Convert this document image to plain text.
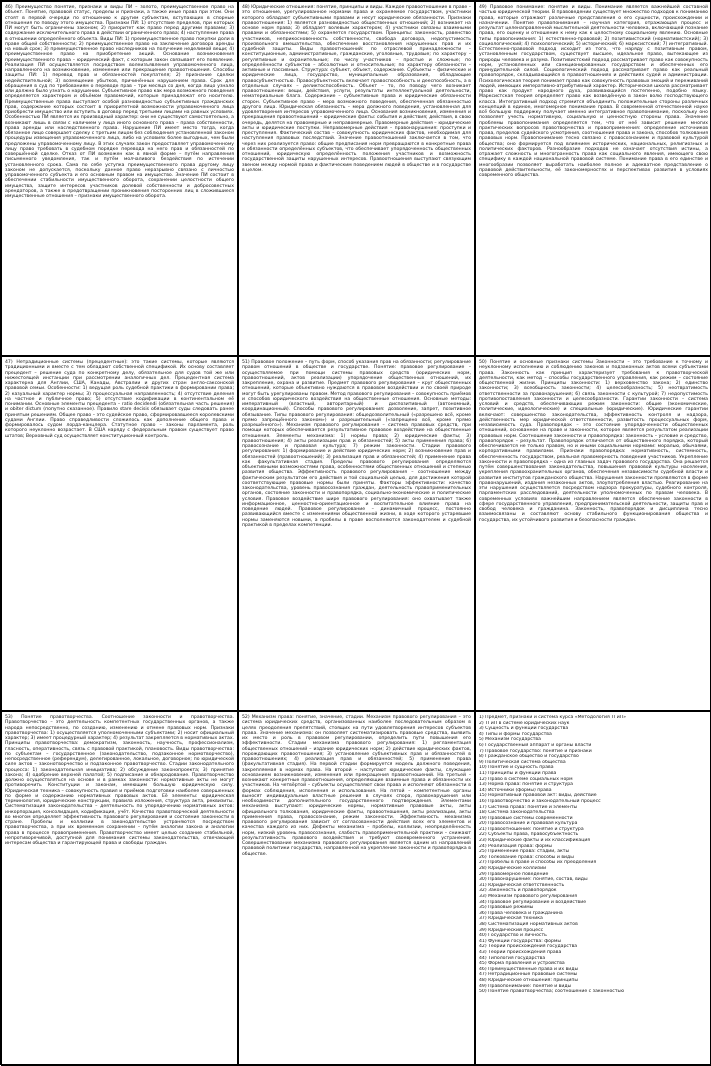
46) Преимущество понятие, признаки и виды ПИ – золото, преимущественное право на объект. Понятие, правовой статус, пределы и признаки, а также иные права при этом. Они стоят в первой очереди по отношению к другим субъектам, вступающих в спорные отношения по поводу этого имущества. Признаки ПИ: 1) отсутствие пределов, при которых ПИ могут быть ограничены законом; 2) приоритет как право перед другими правами; 3) содержание исключительного права в действии ограниченного права; 4) наступление права в отношении определённого объекта. Виды ПИ: 1) преимущественное право покупки доли в праве общей собственности; 2) преимущественное право на заключение договора аренды на новый срок; 3) преимущественное право наследников на получение неделимой вещи; 4) преимущественное право на приобретение акций. Основание возникновения преимущественного права – юридический факт, с которым закон связывает его появление. Реализация ПИ осуществляется посредством волеизъявления управомоченного лица, направленного на возникновение, изменение или прекращение правоотношения. Способы защиты ПИ: 1) перевод прав и обязанностей покупателя; 2) признание сделки недействительной; 3) возмещение убытков, причинённых нарушением права. Срок для обращения в суд по требованиям о переводе прав – три месяца со дня, когда лицо узнало или должно было узнать о нарушении. Субъективное право как мера возможного поведения определяется характером и объёмом правомочий, которые принадлежат его носителю. Преимущественные права выступают особой разновидностью субъективных гражданских прав, содержание которых состоит в приоритетной возможности управомоченного лица приобрести имущество или вступить в договор перед третьими лицами на равных условиях. Особенностью ПИ является их производный характер: они не существуют самостоятельно, а возникают лишь в связи с наличием у лица иного основного права – права собственности, права аренды или наследственного права. Нарушение ПИ имеет место тогда, когда обязанное лицо совершает сделку с третьим лицом без соблюдения установленной законом процедуры извещения управомоченного лица, либо на условиях более выгодных, чем были предложены управомоченному лицу. В этих случаях закон предоставляет управомоченному лицу право требовать в судебном порядке перевода на него прав и обязанностей по совершённой сделке. Отказ от ПИ возможен как в явной форме – путём направления письменного уведомления, так и путём молчаливого бездействия по истечении установленного срока. Сама по себе уступка преимущественного права другому лицу законом не допускается, поскольку данное право неразрывно связано с личностью управомоченного субъекта и его основным правом на имущество. Значение ПИ состоит в обеспечении стабильности имущественного оборота, сохранении целостности общего имущества, защите интересов участников долевой собственности и добросовестных арендаторов, а также в предотвращении проникновения посторонних лиц в сложившиеся имущественные отношения – признаки имущественного оборота.

48) Юридические отношения: понятие, принципы и виды. Каждое правоотношение в праве – это отношение, урегулированное нормами права и охраняемое государством, участники которого обладают субъективными правами и несут юридические обязанности. Признаки правоотношения: 1) является разновидностью общественных отношений; 2) возникает на основе норм права; 3) обладает волевым характером; 4) участники связаны взаимными правами и обязанностями; 5) охраняется государством. Принципы: законность, равенство участников, неприкосновенность собственности, свобода договора, недопустимость произвольного вмешательства, обеспечение восстановления нарушенных прав и их судебной защиты. Виды правоотношений: по отраслевой принадлежности – конституционные, административные, гражданские, уголовные, трудовые; по характеру – регулятивные и охранительные; по числу участников – простые и сложные; по определённости субъектов – абсолютные и относительные; по характеру обязанности – активные и пассивные. Структура: субъект, объект, содержание. Субъекты – физические и юридические лица, государство, муниципальные образования, обладающие правосубъектностью. Правосубъектность включает правоспособность и дееспособность, а в отдельных случаях – деликтоспособность. Объект – то, по поводу чего возникает правоотношение: вещи, действия, услуги, результаты интеллектуальной деятельности, нематериальные блага. Содержание – субъективные права и юридические обязанности сторон. Субъективное право – мера возможного поведения, обеспеченная обязанностью другого лица. Юридическая обязанность – мера должного поведения, установленная для удовлетворения интересов управомоченного лица. Основания возникновения, изменения и прекращения правоотношений – юридические факты: события и действия; действия, в свою очередь, делятся на правомерные и неправомерные. Правомерные действия – юридические акты и юридические поступки. Неправомерные действия – правонарушения: проступки и преступления. Фактический состав – совокупность юридических фактов, необходимая для наступления правовых последствий. Значение правоотношений заключается в том, что через них реализуется право: общие предписания норм превращаются в конкретные права и обязанности определённых субъектов, что обеспечивает упорядоченность общественных отношений, юридическую определённость положения участников и возможность государственной защиты нарушенных интересов. Правоотношения выступают связующим звеном между нормой права и фактическим поведением людей в обществе и в государстве в целом.

49) Правовое понимание: понятие и виды. Понимание является важнейшей составной частью юридической теории. В правоведении существует множество подходов к пониманию права, которые отражают различные представления о его сущности, происхождении и назначении. Понятие правопонимания – научная категория, отражающая процесс и результат целенаправленной мыслительной деятельности человека, включающей познание права, его оценку и отношение к нему как к целостному социальному явлению. Основные типы правопонимания: 1) естественно-правовой; 2) позитивистский (нормативистский); 3) социологический; 4) психологический; 5) исторический; 6) марксистский; 7) интегративный. Естественно-правовой подход исходит из того, что наряду с позитивным правом, установленным государством, существует высшее, идеальное право, вытекающее из природы человека и разума. Позитивистский подход рассматривает право как совокупность норм, установленных или санкционированных государством и обеспеченных его принудительной силой. Социологический подход рассматривает право как реальный правопорядок, складывающийся в правоотношениях и действиях судей и администрации. Психологическая теория понимает право как совокупность правовых эмоций и переживаний людей, имеющих императивно-атрибутивный характер. Историческая школа рассматривает право как продукт народного духа, развивающийся постепенно, подобно языку. Марксистская теория определяет право как возведённую в закон волю господствующего класса. Интегративный подход стремится объединить положительные стороны различных концепций в единое, многомерное понимание права. В современной отечественной науке всё большую поддержку получает именно интегративное правопонимание, поскольку оно позволяет учесть нормативную, социальную и ценностную стороны права. Значение проблемы правопонимания определяется тем, что от неё зависит решение многих практических вопросов правотворчества и правоприменения: определение источников права, пределов судейского усмотрения, соотношения права и закона, способов толкования правовых норм. Правопонимание тесно связано с правосознанием и правовой культурой общества; оно формируется под влиянием исторических, национальных, религиозных и политических факторов. Разнообразие подходов не означает отсутствия истины, а отражает сложность и многогранность права как социального явления, имеющего свою специфику в каждой национальной правовой системе. Понимание права в его единстве и многообразии позволяет выработать наиболее полное и адекватное представление о правовой действительности, её закономерностях и перспективах развития в условиях современного общества.

47) Нетрадиционные системы (прецедентные): это такие системы, которые являются традиционными и вместе с тем обладают собственной спецификой. Их основу составляет прецедент – решение суда по конкретному делу, обязательное для судов той же или нижестоящей инстанции при рассмотрении аналогичных дел. Прецедентная система характерна для Англии, США, Канады, Австралии и других стран англо-саксонской правовой семьи. Особенности: 1) ведущая роль судебной практики в формировании права; 2) казуальный характер нормы; 3) процессуальная направленность; 4) отсутствие деления на частное и публичное право; 5) отсутствие кодификации в континентальном её понимании. Основные элементы прецедента – ratio decidendi (обязательная часть решения) и obiter dictum (попутно сказанное). Правило stare decisis обязывает суды следовать ранее принятым решениям. Общее право – это судейское право, сформировавшееся королевскими судами Англии. Право справедливости сложилось как дополнение общего права и формировалось судом лорда-канцлера. Статутное право – законы парламента, роль которого неуклонно возрастает. В США наряду с федеральным правом существует право штатов; Верховный суд осуществляет конституционный контроль.

51) Правовое положение – путь форм, способ указания прав на обязанности; регулирование правом отношений в обществе и государстве. Понятие: правовое регулирование – осуществляемое при помощи системы правовых средств (юридических норм, правоотношений, актов реализации) упорядочение общественных отношений, их закрепление, охрана и развитие. Предмет правового регулирования – круг общественных отношений, которые объективно нуждаются в правовом воздействии и по своей природе могут быть урегулированы правом. Метод правового регулирования – совокупность приёмов и способов юридического воздействия на общественные отношения. Основные методы: императивный (властный, авторитарный) и диспозитивный (автономный, координационный). Способы правового регулирования: дозволение, запрет, позитивное обязывание. Типы правового регулирования: общедозволительный («разрешено всё, кроме прямо запрещённого законом») и разрешительный («запрещено всё, кроме прямо разрешённого»). Механизм правового регулирования – система правовых средств, при помощи которых обеспечивается результативное правовое воздействие на общественные отношения. Элементы механизма: 1) нормы права; 2) юридические факты; 3) правоотношения; 4) акты реализации прав и обязанностей; 5) акты применения права; 6) правосознание и правовая культура; 7) режим законности. Стадии правового регулирования: 1) формирование и действие юридических норм; 2) возникновение прав и обязанностей (правоотношений); 3) реализация прав и обязанностей; 4) применение права как факультативная стадия. Пределы правового регулирования определяются объективными возможностями права, особенностями общественных отношений и степенью развития общества. Эффективность правового регулирования – соотношение между фактическим результатом его действия и той социальной целью, для достижения которой соответствующие правовые нормы были приняты. Факторы эффективности: качество законодательства, уровень правосознания граждан, деятельность правоприменительных органов, состояние законности и правопорядка, социально-экономические и политические условия. Правовое воздействие шире правового регулирования: оно охватывает также информационное, ценностно-ориентационное и воспитательное влияние права на поведение людей. Правовое регулирование – динамичный процесс, постоянно развивающийся вместе с изменениями общественной жизни, в ходе которого устаревшие нормы заменяются новыми, а пробелы в праве восполняются законодателем и судебной практикой в пределах компетенции.

50) Понятие и основные признаки системы Законности – это требование к точному и неуклонному исполнению и соблюдению законов и подзаконных актов всеми субъектами права. Законность как принцип характеризует требования к правотворческой деятельности, как метод – способы государственного управления, как режим – состояние общественной жизни. Принципы законности: 1) верховенство закона; 2) единство законности; 3) всеобщность законности; 4) целесообразность; 5) неотвратимость ответственности за правонарушения; 6) связь законности с культурой; 7) недопустимость противопоставления законности и целесообразности. Гарантии законности – система условий и средств, обеспечивающих режим законности: общие (экономические, политические, идеологические) и специальные (юридические). Юридические гарантии включают: совершенство законодательства, эффективность контроля и надзора, действенность мер юридической ответственности, развитость процессуальных форм, независимость суда. Правопорядок – это состояние упорядоченности общественных отношений, основанное на праве и законности, которое является результатом реализации правовых норм. Соотношение законности и правопорядка: законность – условие и средство, правопорядок – результат. Правопорядок отличается от общественного порядка, который обеспечивается не только правом, но и иными социальными нормами: моралью, обычаями, корпоративными правилами. Признаки правопорядка: нормативность, системность, обеспеченность государством, реальная правомерность поведения участников. Укрепление законности и правопорядка – одна из главных задач правового государства. Она решается путём совершенствования законодательства, повышения правовой культуры населения, укрепления правоохранительных органов, обеспечения независимости судебной власти и развития институтов гражданского общества. Нарушения законности проявляются в форме правонарушений, издания незаконных актов, злоупотребления властью. Реагирование на эти нарушения осуществляется посредством надзора прокуратуры, судебного контроля, парламентских расследований, деятельности уполномоченных по правам человека. В современных условиях важнейшим направлением является обеспечение законности в сфере государственного управления, предпринимательской деятельности, защиты прав и свобод человека и гражданина. Законность, правопорядок и дисциплина тесно взаимосвязаны и составляют основу стабильного функционирования общества и государства, их устойчивого развития и безопасности граждан.

53) Понятие правотворчества. Соотношение законности и правотворчества. Правотворчество – это деятельность компетентных государственных органов, а также народа непосредственно, по созданию, изменению и отмене правовых норм. Признаки правотворчества: 1) осуществляется уполномоченными субъектами; 2) носит официальный характер; 3) имеет процедурный характер; 4) результат закрепляется в нормативных актах. Принципы правотворчества: демократизм, законность, научность, профессионализм, гласность, оперативность, связь с правовой практикой, плановость. Виды правотворчества: по субъектам – государственное (законодательство, подзаконное нормотворчество), непосредственное (референдум), делегированное, локальное, договорное; по юридической силе актов – законотворчество и подзаконное правотворчество. Стадии законодательного процесса: 1) законодательная инициатива; 2) обсуждение законопроекта; 3) принятие закона; 4) одобрение верхней палатой; 5) подписание и обнародование. Правотворчество должно осуществляться на основе и в рамках законности: нормативные акты не могут противоречить Конституции и законам, имеющим большую юридическую силу. Юридическая техника – совокупность правил и приёмов подготовки наиболее совершенных по форме и содержанию нормативных правовых актов. Её элементы: юридическая терминология, юридические конструкции, правила изложения, структура акта, реквизиты. Систематизация законодательства – деятельность по упорядочению нормативных актов: инкорпорация, консолидация, кодификация, учёт. Качество правотворческой деятельности во многом определяет эффективность правового регулирования и состояние законности в стране. Пробелы и коллизии в законодательстве устраняются посредством правотворчества, а при их временном сохранении – путём аналогии закона и аналогии права в процессе правоприменения. Правотворчество имеет целью создание стабильной, непротиворечивой, доступной для понимания системы законодательства, отвечающей интересам общества и гарантирующей права и свободы граждан.

52) Механизм права: понятие, значение, стадии. Механизм правового регулирования – это система юридических средств, организованных наиболее последовательным образом в целях преодоления препятствий, стоящих на пути удовлетворения интересов субъектов права. Значение механизма: он позволяет систематизировать правовые средства, выявить их место и роль в правовом регулировании, определить пути повышения его эффективности. Стадии механизма правового регулирования: 1) регламентация общественных отношений – издание юридических норм; 2) действие юридических фактов, порождающих правоотношения; 3) установление субъективных прав и обязанностей в правоотношениях; 4) реализация прав и обязанностей; 5) применение права (факультативная стадия). На первой стадии формируется модель должного поведения, закрепляемая в нормах права. На второй – наступают юридические факты, служащие основанием возникновения, изменения или прекращения правоотношений. На третьей – возникают конкретные правоотношения, определяющие взаимные права и обязанности их участников. На четвёртой – субъекты осуществляют свои права и исполняют обязанности в формах соблюдения, исполнения и использования. На пятой – компетентные органы выносят индивидуальные властные решения в случаях спора, правонарушения или необходимости дополнительного государственного подтверждения. Элементами механизма выступают: юридические нормы, нормативные правовые акты, акты официального толкования, юридические факты, правоотношения, акты реализации, акты применения права, правосознание, режим законности. Эффективность механизма правового регулирования зависит от согласованности действия всех его элементов и качества каждого из них. Дефекты механизма – пробелы, коллизии, неопределённость норм, низкий уровень правосознания, слабость правоприменительной практики – снижают результативность правового воздействия и требуют своевременного устранения. Совершенствование механизма правового регулирования является одним из направлений правовой политики государства, направленной на укрепление законности и правопорядка в обществе.

1) Предмет, признаки и система курса «Методология ТГиП»
2) ТГиП в системе юридических наук
3) Сущность и функции государства
4) Типы и формы государства
5) Механизм государства
6) Государственный аппарат и органы власти
7) Правовое государство: понятие и признаки
8) Гражданское общество и государство
9) Политическая система общества
10) Понятие и сущность права
11) Принципы и функции права
12) Право в системе социальных норм
13) Норма права: понятие и структура
14) Источники (формы) права
15) Нормативный правовой акт: виды, действие
16) Правотворчество и законодательный процесс
17) Система права: понятие и элементы
18) Система законодательства
19) Правовые системы современности
20) Правосознание и правовая культура
21) Правоотношение: понятие и структура
22) Субъекты права, правосубъектность
23) Юридические факты и их классификация
24) Реализация права: формы
25) Применение права: стадии, акты
26) Толкование права: способы и виды
27) Пробелы в праве и способы их преодоления
28) Юридические коллизии
29) Правомерное поведение
30) Правонарушение: понятие, состав, виды
31) Юридическая ответственность
32) Законность и правопорядок
33) Механизм правового регулирования
34) Правовое регулирование и воздействие
35) Правовые режимы
36) Права человека и гражданина
37) Юридическая техника
38) Систематизация нормативных актов
39) Юридический процесс
40) Государство и личность
41) Функции государства: формы
42) Теории происхождения государства
43) Теории происхождения права
44) Типология государства
45) Форма правления и устройства
46) Преимущественные права и их виды
47) Нетрадиционные правовые системы
48) Юридические отношения: принципы
49) Правопонимание: понятие и виды
50) Понятие правотворчества; соотношение с законностью
